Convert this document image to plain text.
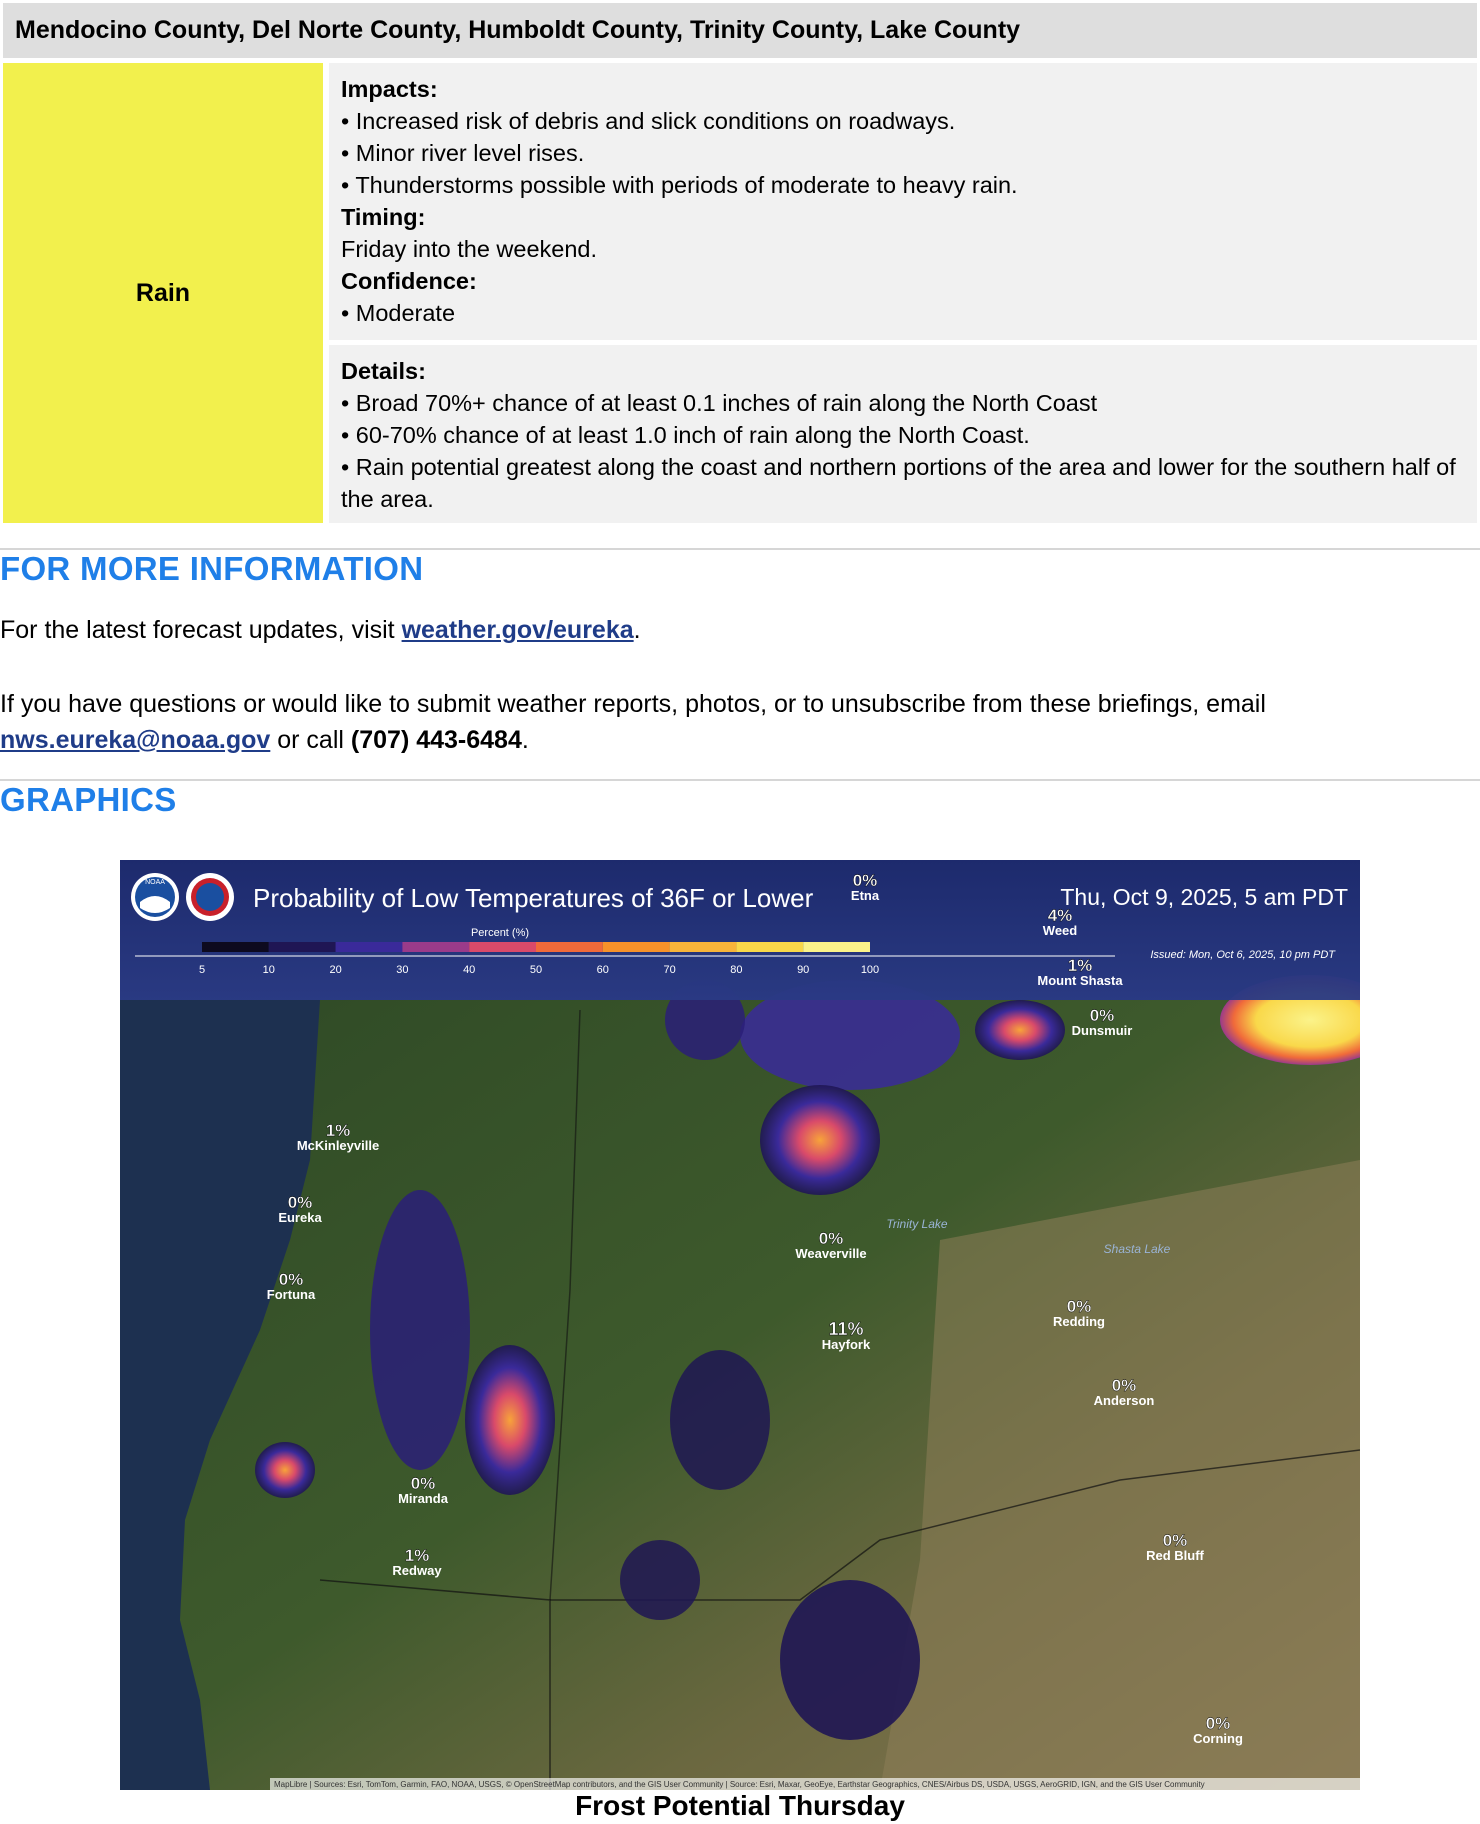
Mendocino County, Del Norte County, Humboldt County, Trinity County, Lake County
Rain
Impacts:
• Increased risk of debris and slick conditions on roadways.
• Minor river level rises.
• Thunderstorms possible with periods of moderate to heavy rain.
Timing:
Friday into the weekend.
Confidence:
• Moderate
Details:
• Broad 70%+ chance of at least 0.1 inches of rain along the North Coast
• 60-70% chance of at least 1.0 inch of rain along the North Coast.
• Rain potential greatest along the coast and northern portions of the area and lower for the southern half of the area.
FOR MORE INFORMATION
For the latest forecast updates, visit weather.gov/eureka.
If you have questions or would like to submit weather reports, photos, or to unsubscribe from these briefings, email nws.eureka@noaa.gov or call (707) 443-6484.
GRAPHICS
NOAA
Probability of Low Temperatures of 36F or Lower	Thu, Oct 9, 2025, 5 am PDT
Issued: Mon, Oct 6, 2025, 10 pm PDT
Percent (%)
5	10	20	30	40	50	60	70	80	90	100
1%
McKinleyville
0%
Eureka
0%
Fortuna
0%
Miranda
1%
Redway
0%
Weaverville
11%
Hayfork
0%
Redding
0%
Anderson
0%
Red Bluff
0%
Corning
0%
Dunsmuir
1%
Mount Shasta
4%
Weed
0%
Etna
Trinity Lake
Shasta Lake
MapLibre | Sources: Esri, TomTom, Garmin, FAO, NOAA, USGS, © OpenStreetMap contributors, and the GIS User Community | Source: Esri, Maxar, GeoEye, Earthstar Geographics, CNES/Airbus DS, USDA, USGS, AeroGRID, IGN, and the GIS User Community
Frost Potential Thursday
